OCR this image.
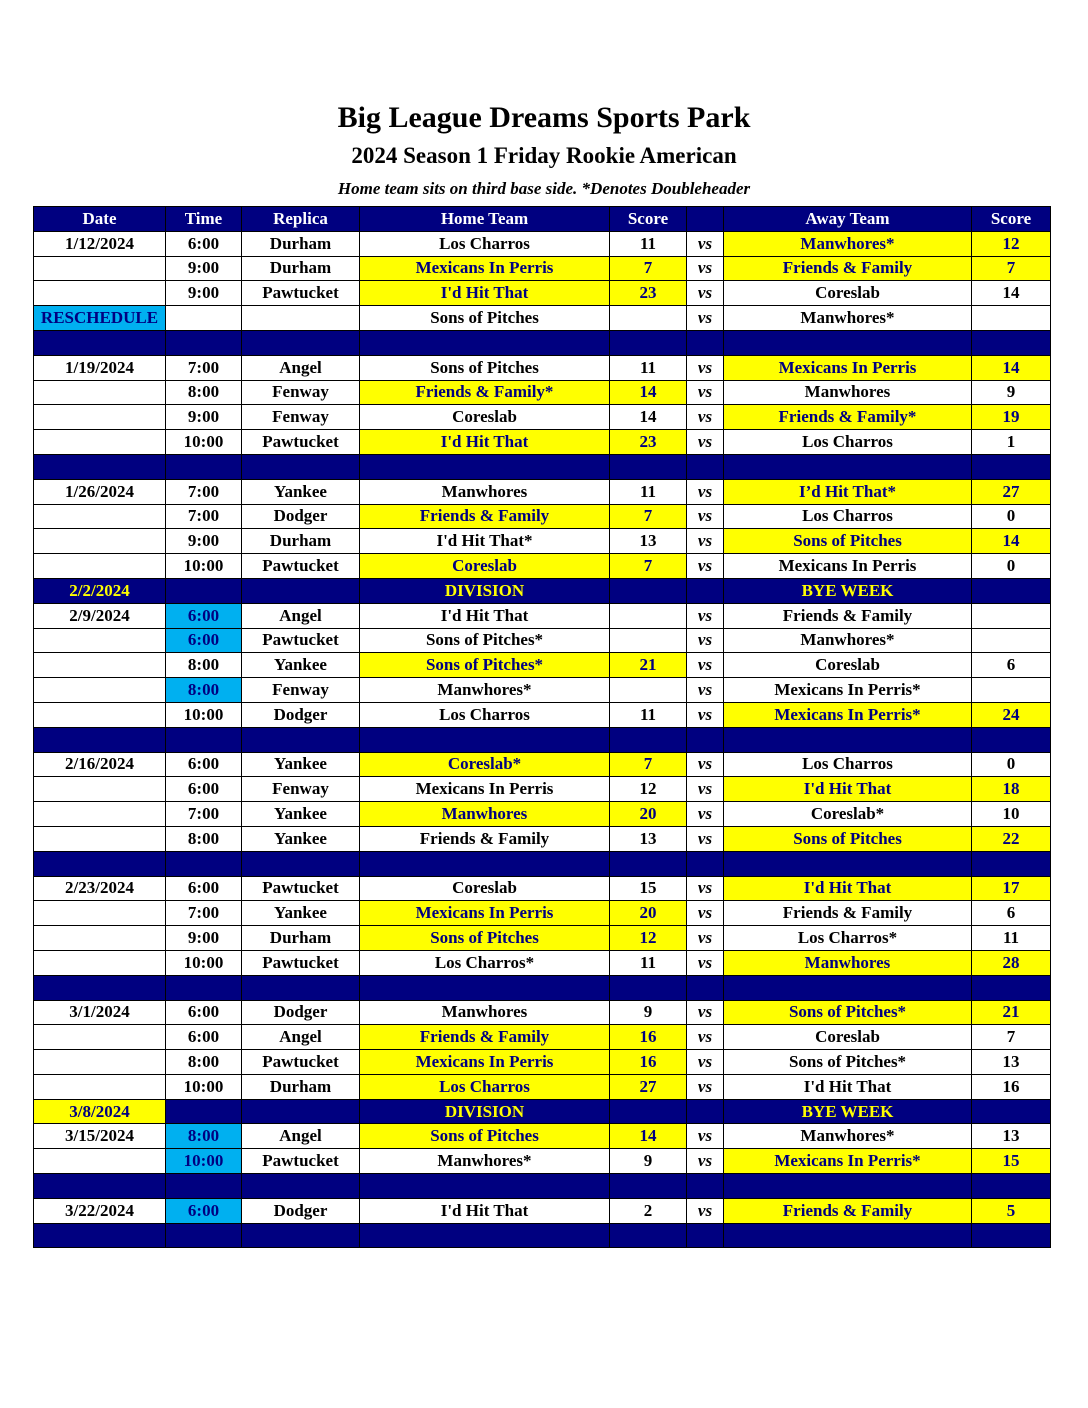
Big League Dreams Sports Park
2024 Season 1 Friday Rookie American
Home team sits on third base side. *Denotes Doubleheader
Date	Time	Replica	Home Team	Score		Away Team	Score
1/12/2024	6:00	Durham	Los Charros	11	vs	Manwhores*	12
	9:00	Durham	Mexicans In Perris	7	vs	Friends & Family	7
	9:00	Pawtucket	I'd Hit That	23	vs	Coreslab	14
RESCHEDULE			Sons of Pitches		vs	Manwhores*	

1/19/2024	7:00	Angel	Sons of Pitches	11	vs	Mexicans In Perris	14
	8:00	Fenway	Friends & Family*	14	vs	Manwhores	9
	9:00	Fenway	Coreslab	14	vs	Friends & Family*	19
	10:00	Pawtucket	I'd Hit That	23	vs	Los Charros	1

1/26/2024	7:00	Yankee	Manwhores	11	vs	I’d Hit That*	27
	7:00	Dodger	Friends & Family	7	vs	Los Charros	0
	9:00	Durham	I'd Hit That*	13	vs	Sons of Pitches	14
	10:00	Pawtucket	Coreslab	7	vs	Mexicans In Perris	0
2/2/2024			DIVISION			BYE WEEK	
2/9/2024	6:00	Angel	I'd Hit That		vs	Friends & Family	
	6:00	Pawtucket	Sons of Pitches*		vs	Manwhores*	
	8:00	Yankee	Sons of Pitches*	21	vs	Coreslab	6
	8:00	Fenway	Manwhores*		vs	Mexicans In Perris*	
	10:00	Dodger	Los Charros	11	vs	Mexicans In Perris*	24

2/16/2024	6:00	Yankee	Coreslab*	7	vs	Los Charros	0
	6:00	Fenway	Mexicans In Perris	12	vs	I'd Hit That	18
	7:00	Yankee	Manwhores	20	vs	Coreslab*	10
	8:00	Yankee	Friends & Family	13	vs	Sons of Pitches	22

2/23/2024	6:00	Pawtucket	Coreslab	15	vs	I'd Hit That	17
	7:00	Yankee	Mexicans In Perris	20	vs	Friends & Family	6
	9:00	Durham	Sons of Pitches	12	vs	Los Charros*	11
	10:00	Pawtucket	Los Charros*	11	vs	Manwhores	28

3/1/2024	6:00	Dodger	Manwhores	9	vs	Sons of Pitches*	21
	6:00	Angel	Friends & Family	16	vs	Coreslab	7
	8:00	Pawtucket	Mexicans In Perris	16	vs	Sons of Pitches*	13
	10:00	Durham	Los Charros	27	vs	I'd Hit That	16
3/8/2024			DIVISION			BYE WEEK	
3/15/2024	8:00	Angel	Sons of Pitches	14	vs	Manwhores*	13
	10:00	Pawtucket	Manwhores*	9	vs	Mexicans In Perris*	15

3/22/2024	6:00	Dodger	I'd Hit That	2	vs	Friends & Family	5
